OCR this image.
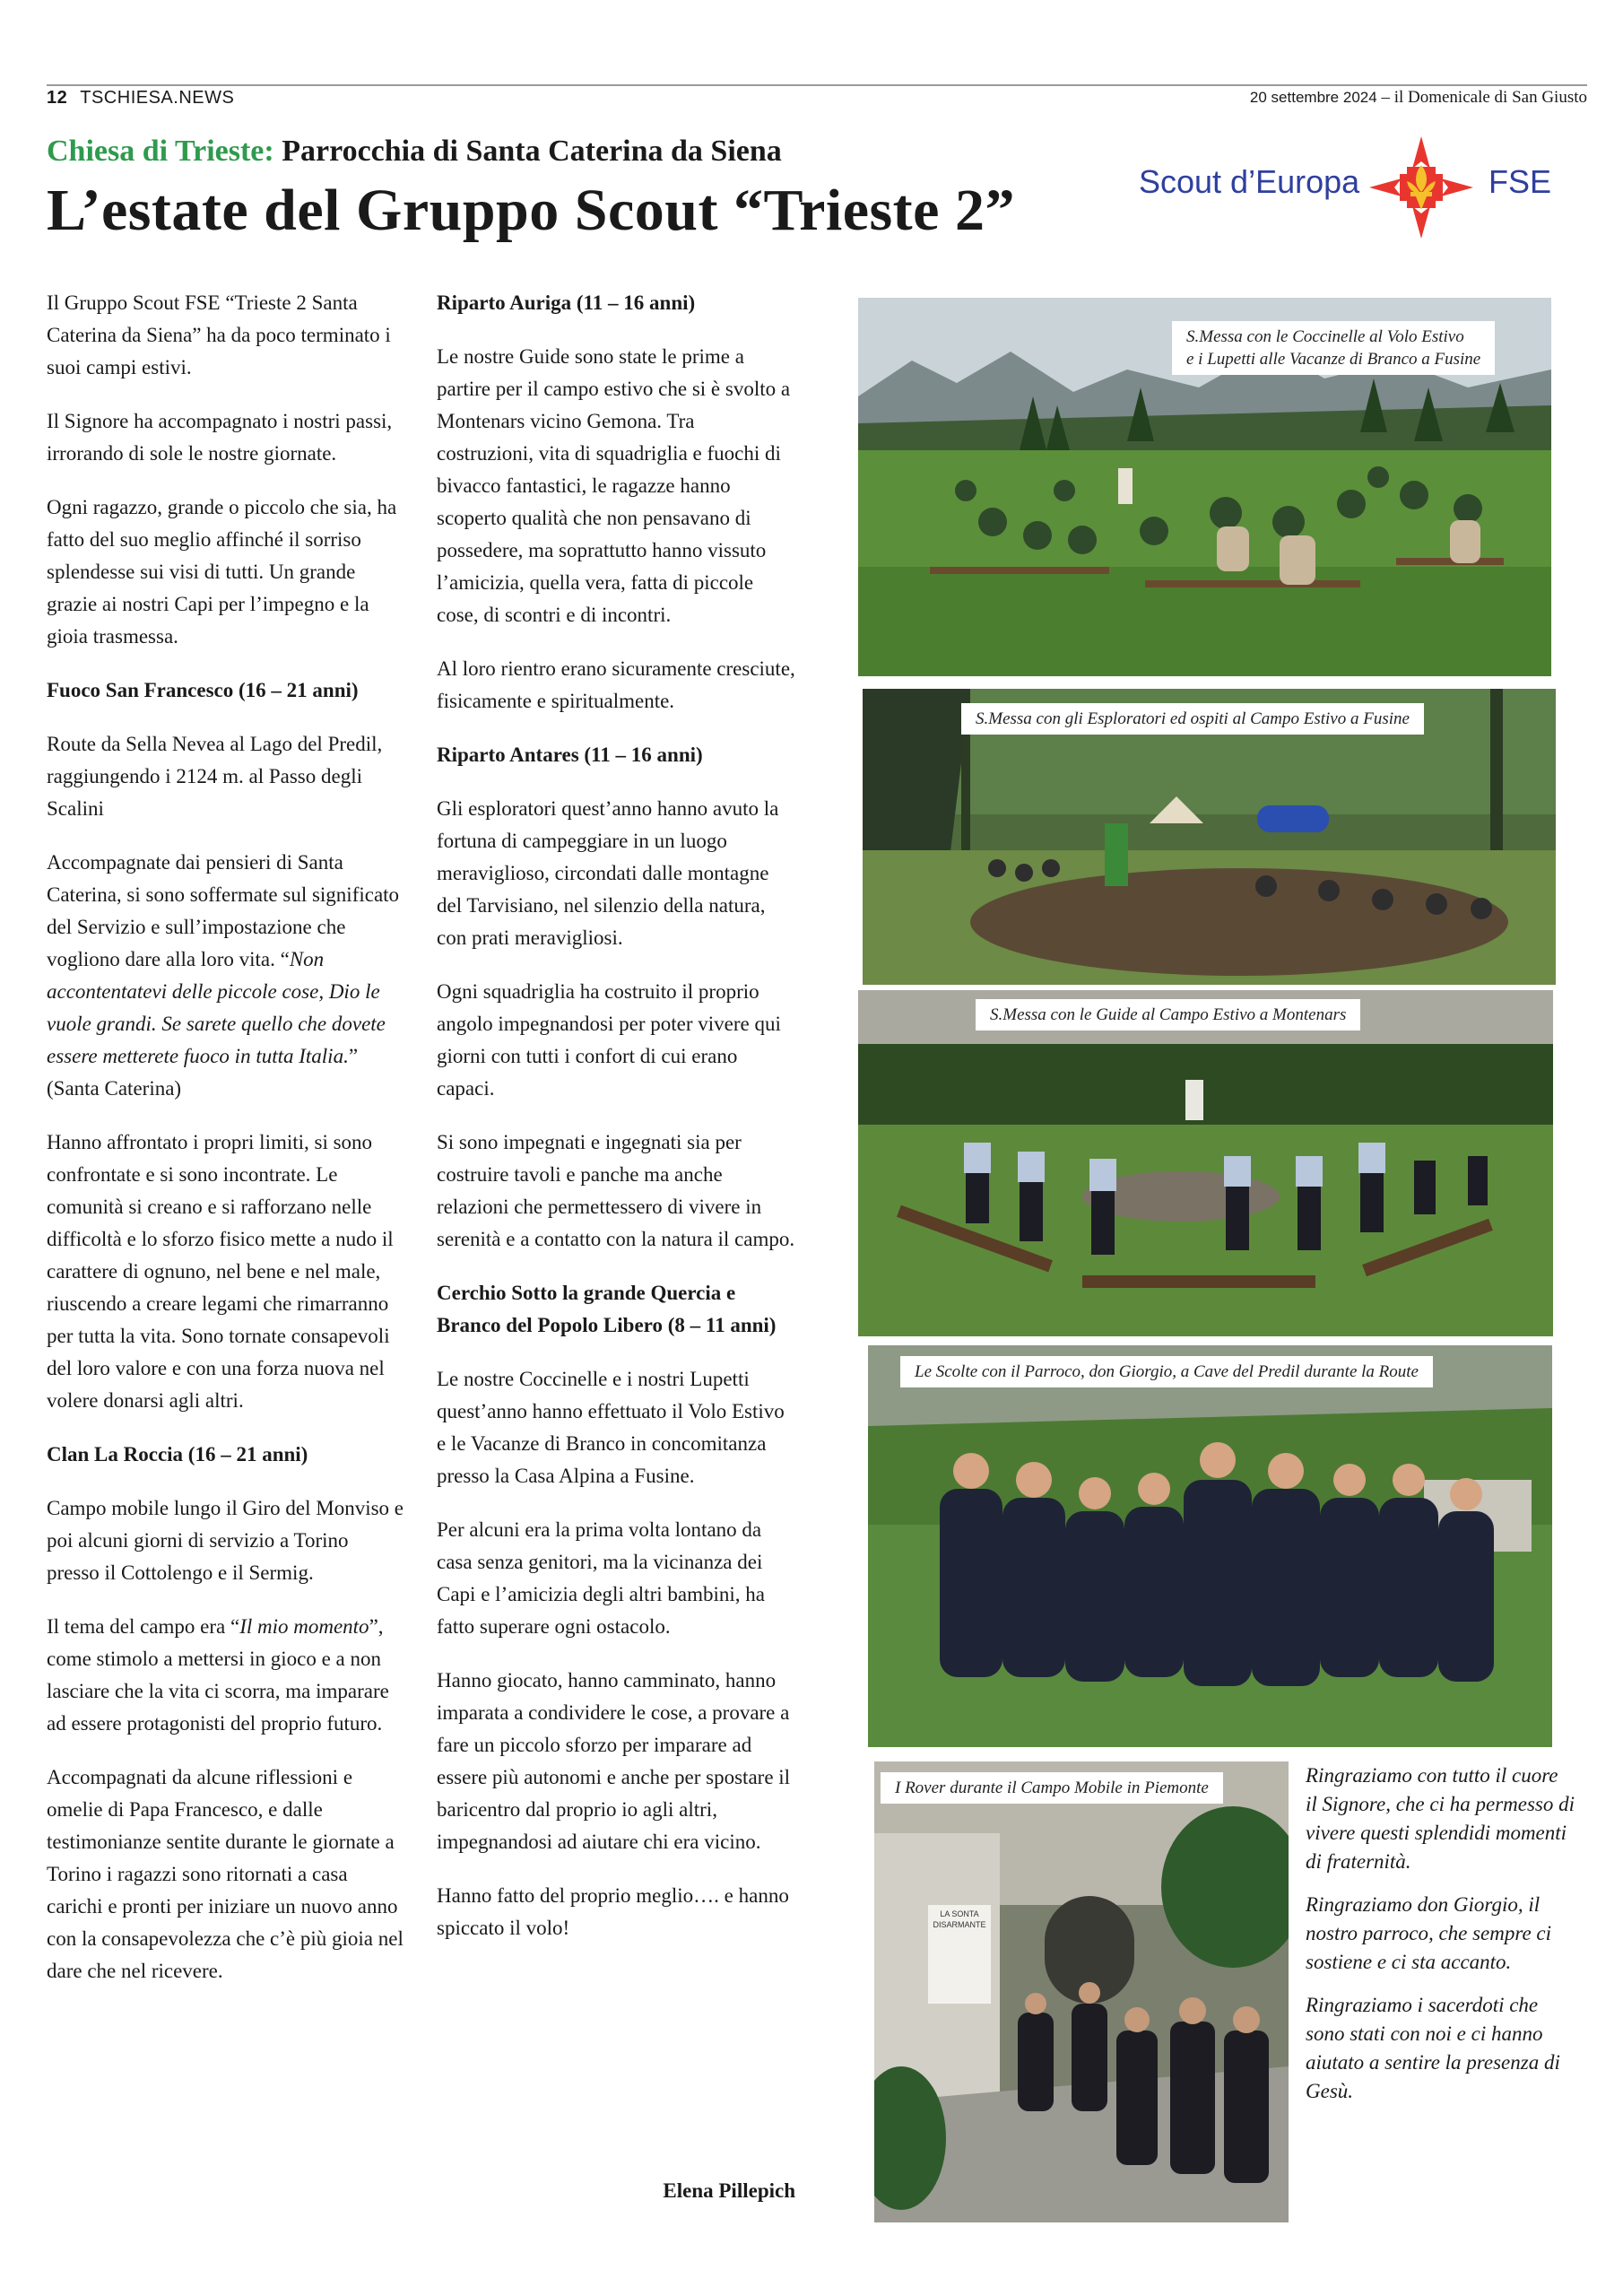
12 TSCHIESA.NEWS	20 settembre 2024 – il Domenicale di San Giusto
Chiesa di Trieste: Parrocchia di Santa Caterina da Siena
L’estate del Gruppo Scout “Trieste 2”	Scout d’Europa	FSE

Il Gruppo Scout FSE “Trieste 2 Santa Caterina da Siena” ha da poco terminato i suoi campi estivi.

Il Signore ha accompagnato i nostri passi, irrorando di sole le nostre giornate.

Ogni ragazzo, grande o piccolo che sia, ha fatto del suo meglio affinché il sorriso splendesse sui visi di tutti. Un grande grazie ai nostri Capi per l’impegno e la gioia trasmessa.

Fuoco San Francesco (16 – 21 anni)

Route da Sella Nevea al Lago del Predil, raggiungendo i 2124 m. al Passo degli Scalini

Accompagnate dai pensieri di Santa Caterina, si sono soffermate sul significato del Servizio e sull’impostazione che vogliono dare alla loro vita. “Non accontentatevi delle piccole cose, Dio le vuole grandi. Se sarete quello che dovete essere metterete fuoco in tutta Italia.” (Santa Caterina)

Hanno affrontato i propri limiti, si sono confrontate e si sono incontrate. Le comunità si creano e si rafforzano nelle difficoltà e lo sforzo fisico mette a nudo il carattere di ognuno, nel bene e nel male, riuscendo a creare legami che rimarranno per tutta la vita. Sono tornate consapevoli del loro valore e con una forza nuova nel volere donarsi agli altri.

Clan La Roccia (16 – 21 anni)

Campo mobile lungo il Giro del Monviso e poi alcuni giorni di servizio a Torino presso il Cottolengo e il Sermig.

Il tema del campo era “Il mio momento”, come stimolo a mettersi in gioco e a non lasciare che la vita ci scorra, ma imparare ad essere protagonisti del proprio futuro.

Accompagnati da alcune riflessioni e omelie di Papa Francesco, e dalle testimonianze sentite durante le giornate a Torino i ragazzi sono ritornati a casa carichi e pronti per iniziare un nuovo anno con la consapevolezza che c’è più gioia nel dare che nel ricevere.

Riparto Auriga (11 – 16 anni)

Le nostre Guide sono state le prime a partire per il campo estivo che si è svolto a Montenars vicino Gemona. Tra costruzioni, vita di squadriglia e fuochi di bivacco fantastici, le ragazze hanno scoperto qualità che non pensavano di possedere, ma soprattutto hanno vissuto l’amicizia, quella vera, fatta di piccole cose, di scontri e di incontri.

Al loro rientro erano sicuramente cresciute, fisicamente e spiritualmente.

Riparto Antares (11 – 16 anni)

Gli esploratori quest’anno hanno avuto la fortuna di campeggiare in un luogo meraviglioso, circondati dalle montagne del Tarvisiano, nel silenzio della natura, con prati meravigliosi.

Ogni squadriglia ha costruito il proprio angolo impegnandosi per poter vivere qui giorni con tutti i confort di cui erano capaci.

Si sono impegnati e ingegnati sia per costruire tavoli e panche ma anche relazioni che permettessero di vivere in serenità e a contatto con la natura il campo.

Cerchio Sotto la grande Quercia e Branco del Popolo Libero (8 – 11 anni)

Le nostre Coccinelle e i nostri Lupetti quest’anno hanno effettuato il Volo Estivo e le Vacanze di Branco in concomitanza presso la Casa Alpina a Fusine.

Per alcuni era la prima volta lontano da casa senza genitori, ma la vicinanza dei Capi e l’amicizia degli altri bambini, ha fatto superare ogni ostacolo.

Hanno giocato, hanno camminato, hanno imparata a condividere le cose, a provare a fare un piccolo sforzo per imparare ad essere più autonomi e anche per spostare il baricentro dal proprio io agli altri, impegnandosi ad aiutare chi era vicino.

Hanno fatto del proprio meglio…. e hanno spiccato il volo!

Elena Pillepich
S.Messa con le Coccinelle al Volo Estivo
e i Lupetti alle Vacanze di Branco a Fusine
S.Messa con gli Esploratori ed ospiti al Campo Estivo a Fusine
S.Messa con le Guide al Campo Estivo a Montenars
Le Scolte con il Parroco, don Giorgio, a Cave del Predil durante la Route
I Rover durante il Campo Mobile in Piemonte
LA SONTA DISARMANTE

Ringraziamo con tutto il cuore il Signore, che ci ha permesso di vivere questi splendidi momenti di fraternità.

Ringraziamo don Giorgio, il nostro parroco, che sempre ci sostiene e ci sta accanto.

Ringraziamo i sacerdoti che sono stati con noi e ci hanno aiutato a sentire la presenza di Gesù.
